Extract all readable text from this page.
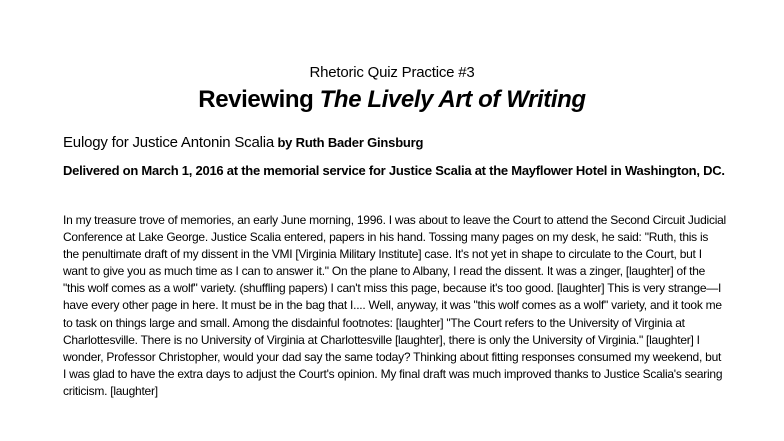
Rhetoric Quiz Practice #3
Reviewing The Lively Art of Writing
Eulogy for Justice Antonin Scalia by Ruth Bader Ginsburg
Delivered on March 1, 2016 at the memorial service for Justice Scalia at the Mayflower Hotel in Washington, DC.
In my treasure trove of memories, an early June morning, 1996. I was about to leave the Court to attend the Second Circuit Judicial Conference at Lake George. Justice Scalia entered, papers in his hand. Tossing many pages on my desk, he said: "Ruth, this is the penultimate draft of my dissent in the VMI [Virginia Military Institute] case. It's not yet in shape to circulate to the Court, but I want to give you as much time as I can to answer it." On the plane to Albany, I read the dissent. It was a zinger, [laughter] of the "this wolf comes as a wolf" variety. (shuffling papers) I can't miss this page, because it's too good. [laughter] This is very strange—I have every other page in here. It must be in the bag that I.... Well, anyway, it was "this wolf comes as a wolf" variety, and it took me to task on things large and small. Among the disdainful footnotes: [laughter] "The Court refers to the University of Virginia at Charlottesville. There is no University of Virginia at Charlottesville [laughter], there is only the University of Virginia." [laughter] I wonder, Professor Christopher, would your dad say the same today? Thinking about fitting responses consumed my weekend, but I was glad to have the extra days to adjust the Court's opinion. My final draft was much improved thanks to Justice Scalia's searing criticism. [laughter]
